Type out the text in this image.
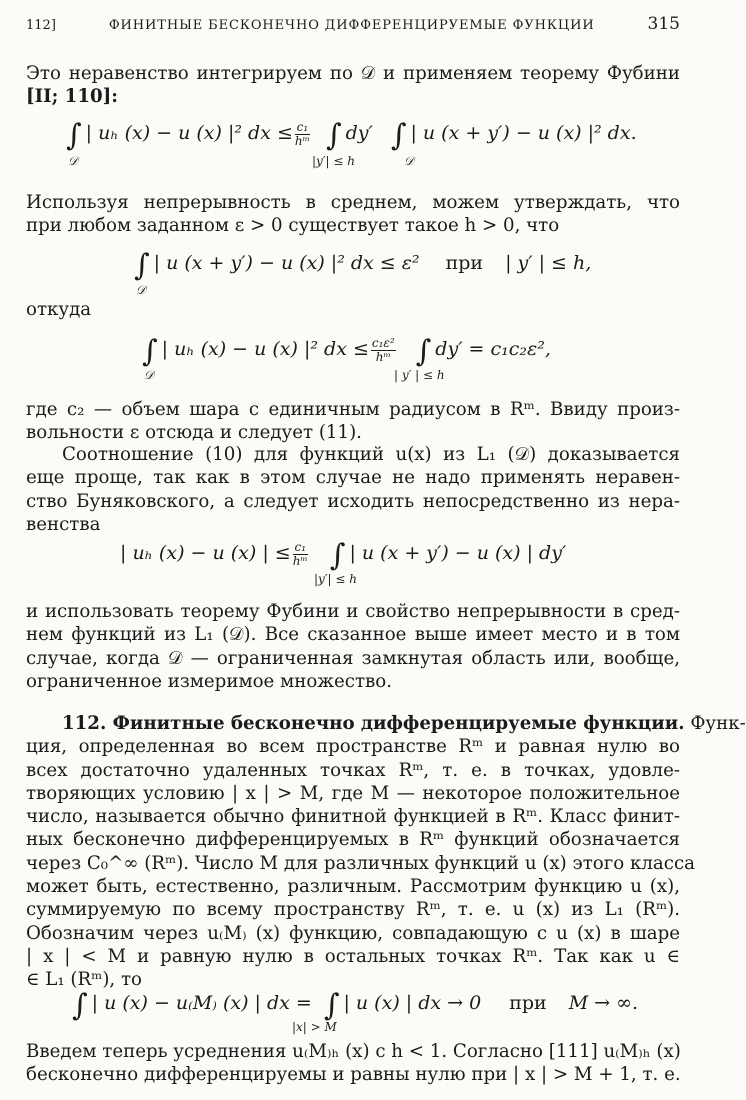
112]	ФИНИТНЫЕ БЕСКОНЕЧНО ДИФФЕРЕНЦИРУЕМЫЕ ФУНКЦИИ	315
Это неравенство интегрируем по 𝒟 и применяем теорему Фубини
[II; 110]:
∫ | uₕ (x) − u (x) |² dx ≤ $\frac{\text{c₁}}{\text{hᵐ}}$ ∫ dy′ ∫ | u (x + y′) − u (x) |² dx.
𝒟	|y′| ≤ h	𝒟
Используя непрерывность в среднем, можем утверждать, что
при любом заданном ε > 0 существует такое h > 0, что
∫ | u (x + y′) − u (x) |² dx ≤ ε² при | y′ | ≤ h,
𝒟
откуда
∫ | uₕ (x) − u (x) |² dx ≤ $\frac{\text{c₁ε²}}{\text{hᵐ}}$ ∫ dy′ = c₁c₂ε²,
𝒟	| y′ | ≤ h
где c₂ — объем шара с единичным радиусом в Rᵐ. Ввиду произ-
вольности ε отсюда и следует (11).
Соотношение (10) для функций u(x) из L₁ (𝒟) доказывается
еще проще, так как в этом случае не надо применять неравен-
ство Буняковского, а следует исходить непосредственно из нера-
венства
| uₕ (x) − u (x) | ≤ $\frac{\text{c₁}}{\text{hᵐ}}$ ∫ | u (x + y′) − u (x) | dy′
|y′| ≤ h
и использовать теорему Фубини и свойство непрерывности в сред-
нем функций из L₁ (𝒟). Все сказанное выше имеет место и в том
случае, когда 𝒟 — ограниченная замкнутая область или, вообще,
ограниченное измеримое множество.
112. Финитные бесконечно дифференцируемые функции. Функ-
ция, определенная во всем пространстве Rᵐ и равная нулю во
всех достаточно удаленных точках Rᵐ, т. е. в точках, удовле-
творяющих условию | x | > M, где M — некоторое положительное
число, называется обычно финитной функцией в Rᵐ. Класс финит-
ных бесконечно дифференцируемых в Rᵐ функций обозначается
через C₀^∞ (Rᵐ). Число M для различных функций u (x) этого класса
может быть, естественно, различным. Рассмотрим функцию u (x),
суммируемую по всему пространству Rᵐ, т. е. u (x) из L₁ (Rᵐ).
Обозначим через u₍M₎ (x) функцию, совпадающую с u (x) в шаре
| x | < M и равную нулю в остальных точках Rᵐ. Так как u ∈
∈ L₁ (Rᵐ), то
∫ | u (x) − u₍M₎ (x) | dx = ∫ | u (x) | dx → 0 при M → ∞.
|x| > M
Введем теперь усреднения u₍M₎ₕ (x) с h < 1. Согласно [111] u₍M₎ₕ (x)
бесконечно дифференцируемы и равны нулю при | x | > M + 1, т. е.
